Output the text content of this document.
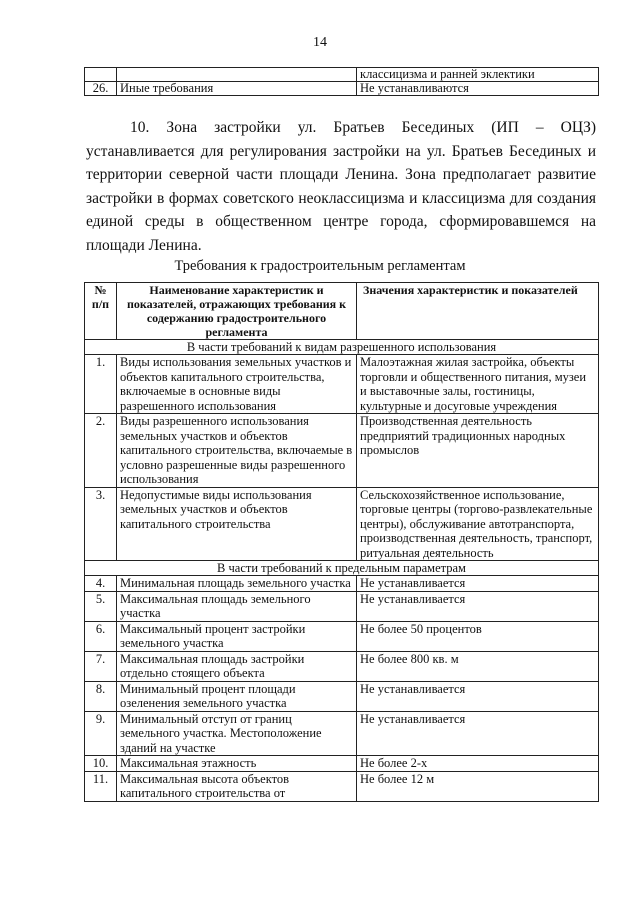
14
		классицизма и ранней эклектики
26.	Иные требования	Не устанавливаются
10. Зона застройки ул. Братьев Бесединых (ИП – ОЦЗ) устанавливается для регулирования застройки на ул. Братьев Бесединых и территории северной части площади Ленина. Зона предполагает развитие застройки в формах советского неоклассицизма и классицизма для создания единой среды в общественном центре города, сформировавшемся на площади Ленина.
Требования к градостроительным регламентам
№ п/п	Наименование характеристик и показателей, отражающих требования к содержанию градостроительного регламента	Значения характеристик и показателей
В части требований к видам разрешенного использования		
1.	Виды использования земельных участков и объектов капитального строительства, включаемые в основные виды разрешенного использования	Малоэтажная жилая застройка, объекты торговли и общественного питания, музеи и выставочные залы, гостиницы, культурные и досуговые учреждения
2.	Виды разрешенного использования земельных участков и объектов капитального строительства, включаемые в условно разрешенные виды разрешенного использования	Производственная деятельность предприятий традиционных народных промыслов
3.	Недопустимые виды использования земельных участков и объектов капитального строительства	Сельскохозяйственное использование, торговые центры (торгово-развлекательные центры), обслуживание автотранспорта, производственная деятельность, транспорт, ритуальная деятельность
В части требований к предельным параметрам		
4.	Минимальная площадь земельного участка	Не устанавливается
5.	Максимальная площадь земельного участка	Не устанавливается
6.	Максимальный процент застройки земельного участка	Не более 50 процентов
7.	Максимальная площадь застройки отдельно стоящего объекта	Не более 800 кв. м
8.	Минимальный процент площади озеленения земельного участка	Не устанавливается
9.	Минимальный отступ от границ земельного участка. Местоположение зданий на участке	Не устанавливается
10.	Максимальная этажность	Не более 2-х
11.	Максимальная высота объектов капитального строительства от	Не более 12 м
